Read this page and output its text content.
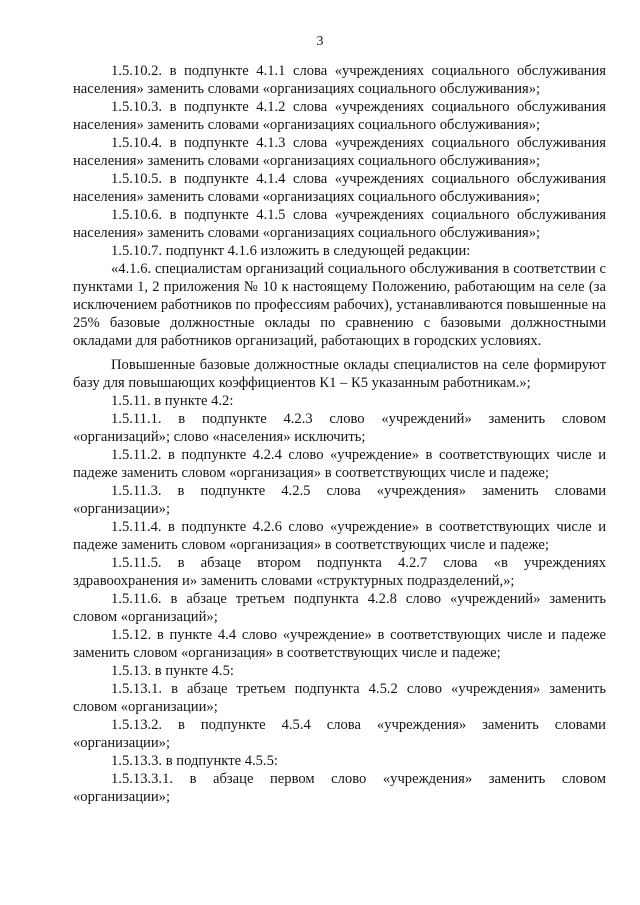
3

1.5.10.2. в подпункте 4.1.1 слова «учреждениях социального обслуживания населения» заменить словами «организациях социального обслуживания»;

1.5.10.3. в подпункте 4.1.2 слова «учреждениях социального обслуживания населения» заменить словами «организациях социального обслуживания»;

1.5.10.4. в подпункте 4.1.3 слова «учреждениях социального обслуживания населения» заменить словами «организациях социального обслуживания»;

1.5.10.5. в подпункте 4.1.4 слова «учреждениях социального обслуживания населения» заменить словами «организациях социального обслуживания»;

1.5.10.6. в подпункте 4.1.5 слова «учреждениях социального обслуживания населения» заменить словами «организациях социального обслуживания»;

1.5.10.7. подпункт 4.1.6 изложить в следующей редакции:

«4.1.6. специалистам организаций социального обслуживания в соответствии с пунктами 1, 2 приложения № 10 к настоящему Положению, работающим на селе (за исключением работников по профессиям рабочих), устанавливаются повышенные на 25% базовые должностные оклады по сравнению с базовыми должностными окладами для работников организаций, работающих в городских условиях.

Повышенные базовые должностные оклады специалистов на селе формируют базу для повышающих коэффициентов К1 – К5 указанным работникам.»;

1.5.11. в пункте 4.2:

1.5.11.1. в подпункте 4.2.3 слово «учреждений» заменить словом «организаций»; слово «населения» исключить;

1.5.11.2. в подпункте 4.2.4 слово «учреждение» в соответствующих числе и падеже заменить словом «организация» в соответствующих числе и падеже;

1.5.11.3. в подпункте 4.2.5 слова «учреждения» заменить словами «организации»;

1.5.11.4. в подпункте 4.2.6 слово «учреждение» в соответствующих числе и падеже заменить словом «организация» в соответствующих числе и падеже;

1.5.11.5. в абзаце втором подпункта 4.2.7 слова «в учреждениях здравоохранения и» заменить словами «структурных подразделений,»;

1.5.11.6. в абзаце третьем подпункта 4.2.8 слово «учреждений» заменить словом «организаций»;

1.5.12. в пункте 4.4 слово «учреждение» в соответствующих числе и падеже заменить словом «организация» в соответствующих числе и падеже;

1.5.13. в пункте 4.5:

1.5.13.1. в абзаце третьем подпункта 4.5.2 слово «учреждения» заменить словом «организации»;

1.5.13.2. в подпункте 4.5.4 слова «учреждения» заменить словами «организации»;

1.5.13.3. в подпункте 4.5.5:

1.5.13.3.1. в абзаце первом слово «учреждения» заменить словом «организации»;
